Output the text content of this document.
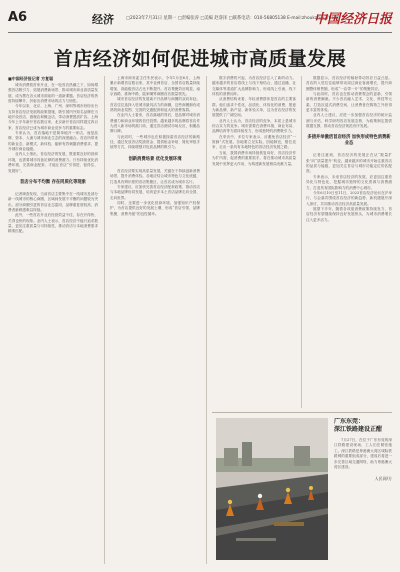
A6	经济	□2023年7月31日 星期一 □责编张涛 □美编 赵睿泽 □联系电话：010-56805138 E-mail:zhoukan@jjrbs.cn
中国经济日报
首店经济如何促进城市高质量发展
■中国经济报记者 方复聪

城市消费看首家开业，在一轮首店热潮之下，如何增强首店吸引力、拓展消费新场景、推动城市商业高质量发展，成为摆在各大城市面前的一道新课题。首店经济的热度持续攀升，折射出消费市场的活力与韧性。

今年以来，北京、上海、广州、深圳等城市纷纷出台支持首店经济发展的政策措施，吸引国内外知名品牌在当地开设首店、旗舰店和概念店，带动消费提质扩容。上海今年上半年新开首店数百家，北京新开首店同样超过四百家，首店经济已成为城市商业竞争力的重要标志。

专家认为，首店落地不是简单地开一家店，而是品牌、资本、人流与城市商业生态的深度融合。首店所带来的新业态、新模式、新体验，能够有效刺激消费需求，提升城市商业能级。

业内人士指出，首店经济的发展，既需要良好的营商环境，也需要城市具备足够的消费潜力。只有持续优化消费环境，完善商业配套，才能让首店“引得进、留得住、发展好”。

首店分布不均衡 存在同质化等现象

记者调查发现，当前首店主要集中在一线城市及部分新一线城市的核心商圈，区域间发展不平衡的问题较为突出，部分商圈引进的首店业态雷同，品牌重复度较高，消费者新鲜感难以持续。

此外，一些首店开业后经营效益不佳，存在开得快、关得也快的现象。业内人士表示，首店经济不能只追求数量，更应注重质量与可持续性，推动首店与本地消费需求精准匹配。

上海市商务委主任朱民表示，今年1月至6月，上海累计新增首店数百家，其中亚洲首店、全国首店数量持续增加，高能级首店占比不断提升。首店集聚效应明显，南京西路、淮海中路、陆家嘴等商圈首店数量领先。

城市首店经济的发展离不开品牌与商圈的双向奔赴。首店往往选择入驻城市最具活力的商圈，这些商圈拥有成熟的商业氛围、完善的交通配套和庞大的消费客群。

在业内人士看来，首店落地的背后，是品牌对城市消费潜力和商业环境的信任投票。越来越多的品牌将首店作为进入新市场的敲门砖，通过首店测试市场反应，积累品牌口碑。

与此同时，一些城市也在积极探索首店经济的新路径，通过发放首店奖励资金、提供租金补贴、简化审批手续等方式，持续增强对优质品牌的吸引力。

创新消费场景 优化发展环境

首店经济要实现高质量发展，关键在于持续创新消费场景，提升消费体验。各地应结合城市特色与文化底蕴，打造具有辨识度的首店集聚区，让首店成为城市名片。

专家建议，应加快完善首店经济配套政策，推动首店与本地品牌协同发展，培育更多本土首店品牌走向全国、走向世界。

同时，还要进一步优化营商环境，加强知识产权保护，为首店提供良好的发展土壤，形成“首店引领、品牌集聚、消费升级”的良性循环。

数字消费的兴起，为首店经济注入了新的动力。越来越多的首店将线上与线下相结合，通过直播、社交媒体等渠道扩大品牌影响力，形成线上引流、线下体验的消费闭环。

从消费结构来看，年轻消费群体是首店的主要客群。他们追求个性化、品质化、体验化的消费，愿意为新品牌、新产品、新体验买单，这为首店经济的发展提供了广阔空间。

业内人士认为，首店经济的竞争，本质上是城市综合实力的竞争。城市需要在消费环境、商业布局、品牌培育等方面持续发力，形成独特的消费吸引力。

在采访中，多位专家表示，应避免首店经济“一窝蜂”式发展，各地要立足实际，因地制宜，错位竞争，走出一条具有本地特色的首店经济发展之路。

当前，我国消费市场持续恢复向好，首店经济作为扩内需、促消费的重要抓手，将在推动城市高质量发展中发挥更大作用，为构建新发展格局贡献力量。

数据显示，首店经济的辐射带动效应日益凸显。首店的入驻往往能够带动周边商业客流增长，提升商圈整体销售额，形成“一店带一片”的集聚效应。

与此同时，首店也在推动消费观念的更新，引领新的消费潮流。不少首店融入艺术、文化、科技等元素，打造沉浸式消费空间，让消费者在购物之外获得更丰富的体验。

业内人士建议，应进一步加强首店经济的统计监测与评估，科学研判首店发展态势，为政策制定提供数据支撑，推动首店经济规范有序发展。

多措并举激活首店经济 加快形成特色消费新业态

记者注意到，首店经济的发展正在从“数量扩张”向“质量提升”转变。越来越多的城市开始注重首店的品质与能级，更加关注首店与城市功能定位的匹配度。

专家表示，未来首店经济的发展，应更加注重差异化与特色化，挖掘城市独特的文化资源与消费潜力，打造具有国际影响力的消费中心城市。

今年6月10日至11日，2023首店经济论坛在沪举行，与会嘉宾围绕首店经济的新趋势、新机遇展开深入探讨，共同推动首店经济高质量发展。

展望下半年，随着各项促消费政策持续发力，首店经济有望继续保持良好发展势头，为城市消费增长注入更多活力。

广东东莞：
深江铁路建设正酣

7月27日，在位于广东东莞的深江铁路建设现场，工人们在紧张施工。深江铁路是粤港澳大湾区城际铁路网的重要组成部分，建成后将进一步完善区域交通网络，助力粤港澳大湾区建设。

人民网/方
